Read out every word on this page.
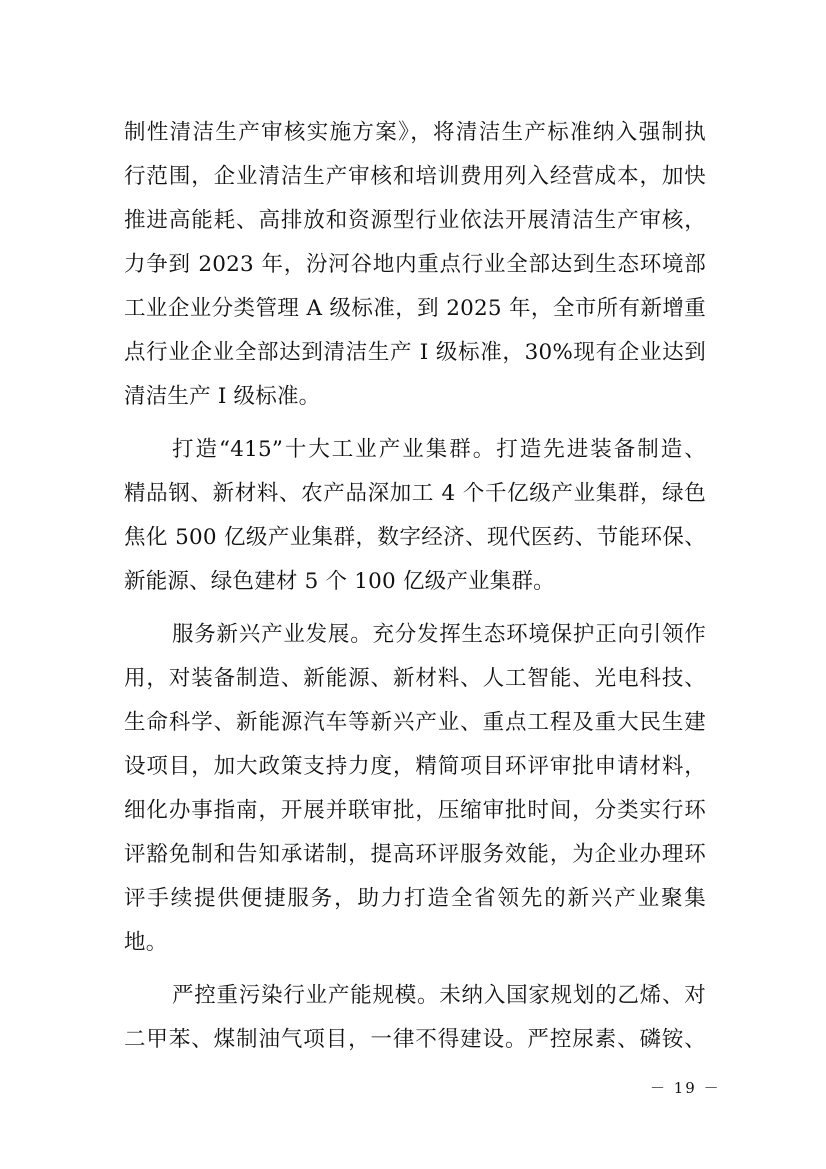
制性清洁生产审核实施方案》，将清洁生产标准纳入强制执
行范围，企业清洁生产审核和培训费用列入经营成本，加快
推进高能耗、高排放和资源型行业依法开展清洁生产审核，
力争到 2023 年，汾河谷地内重点行业全部达到生态环境部
工业企业分类管理 A 级标准，到 2025 年，全市所有新增重
点行业企业全部达到清洁生产 I 级标准，30%现有企业达到
清洁生产 I 级标准。
打造“415”十大工业产业集群。打造先进装备制造、
精品钢、新材料、农产品深加工 4 个千亿级产业集群，绿色
焦化 500 亿级产业集群，数字经济、现代医药、节能环保、
新能源、绿色建材 5 个 100 亿级产业集群。
服务新兴产业发展。充分发挥生态环境保护正向引领作
用，对装备制造、新能源、新材料、人工智能、光电科技、
生命科学、新能源汽车等新兴产业、重点工程及重大民生建
设项目，加大政策支持力度，精简项目环评审批申请材料，
细化办事指南，开展并联审批，压缩审批时间，分类实行环
评豁免制和告知承诺制，提高环评服务效能，为企业办理环
评手续提供便捷服务，助力打造全省领先的新兴产业聚集
地。
严控重污染行业产能规模。未纳入国家规划的乙烯、对
二甲苯、煤制油气项目，一律不得建设。严控尿素、磷铵、
－ 19 －
